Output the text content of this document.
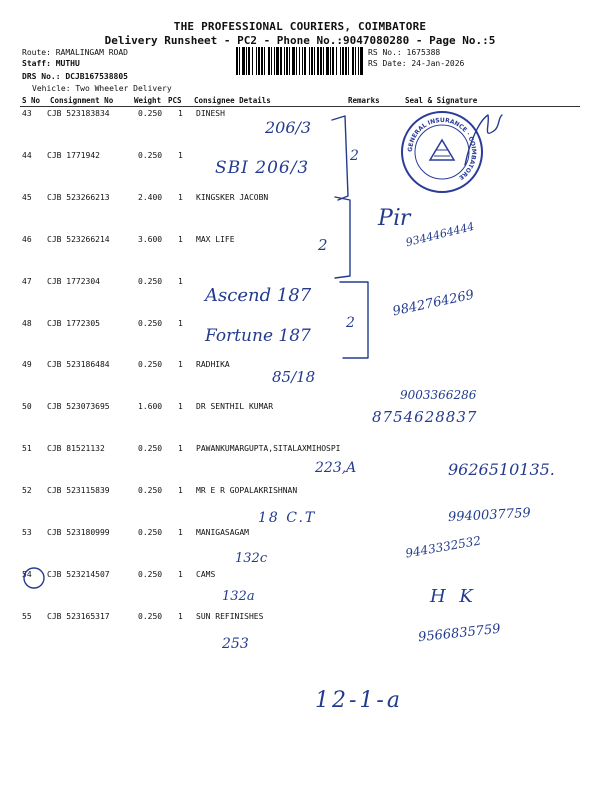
THE PROFESSIONAL COURIERS, COIMBATORE
Delivery Runsheet - PC2 - Phone No.:9047080280 - Page No.:5
Route: RAMALINGAM ROAD
Staff: MUTHU
DRS No.: DCJB167538805
Vehicle: Two Wheeler Delivery
RS No.: 1675388
RS Date: 24-Jan-2026
S No Consignment No	Weight PCS Consignee Details	Remarks	Seal & Signature
43 CJB 523183834	0.250 1 DINESH
44 CJB 1771942	0.250 1
45 CJB 523266213	2.400 1 KINGSKER JACOBN
46 CJB 523266214	3.600 1 MAX LIFE
47 CJB 1772304	0.250 1
48 CJB 1772305	0.250 1
49 CJB 523186484	0.250 1 RADHIKA
50 CJB 523073695	1.600 1 DR SENTHIL KUMAR
51 CJB 81521132	0.250 1 PAWANKUMARGUPTA,SITALAXMIHOSPI
52 CJB 523115839	0.250 1 MR E R GOPALAKRISHNAN
53 CJB 523180999	0.250 1 MANIGASAGAM
54 CJB 523214507	0.250 1 CAMS
55 CJB 523165317	0.250 1 SUN REFINISHES
206/3
SBI 206/3
Ascend 187
Fortune 187
85/18
223,A
18 C.T
132c
132a
253
12-1-a
2
2
2
GENERAL INSURANCE · COIMBATORE
Pi̇r
9344464444
9842764269
9003366286
8754628837
9626510135.
9940037759
9443332532
H K
9566835759
